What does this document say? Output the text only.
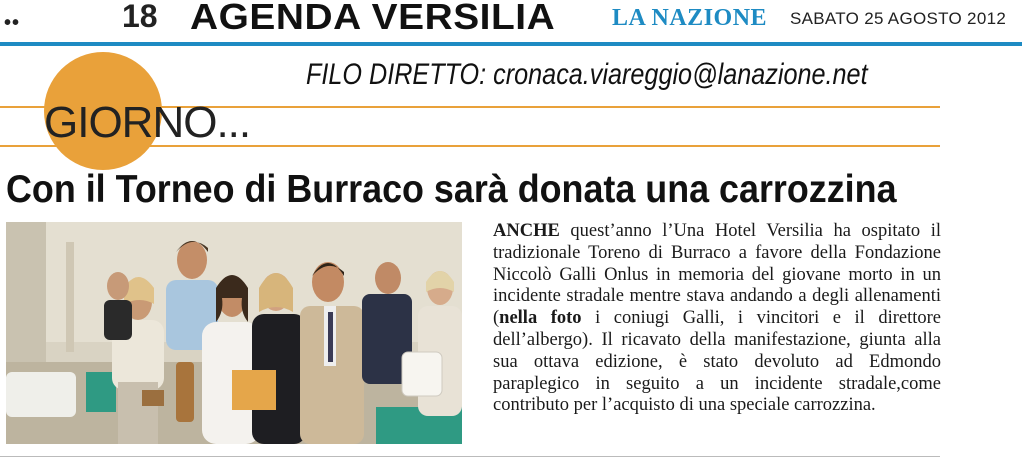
••	18 AGENDA VERSILIA LA NAZIONE SABATO 25 AGOSTO 2012
GIORNO...
FILO DIRETTO: cronaca.viareggio@lanazione.net
Con il Torneo di Burraco sarà donata una carrozzina
ANCHE quest’anno l’Una Hotel Versilia ha ospitato il tradizionale Toreno di Burraco a favore della Fondazione Niccolò Galli Onlus in memoria del giovane morto in un incidente stradale mentre stava andando a degli allenamenti (nella foto i coniugi Galli, i vincitori e il direttore dell’albergo). Il ricavato della manifestazione, giunta alla sua ottava edizione, è stato devoluto ad Edmondo paraplegico in seguito a un incidente stradale,come contributo per l’acquisto di una speciale carrozzina.
